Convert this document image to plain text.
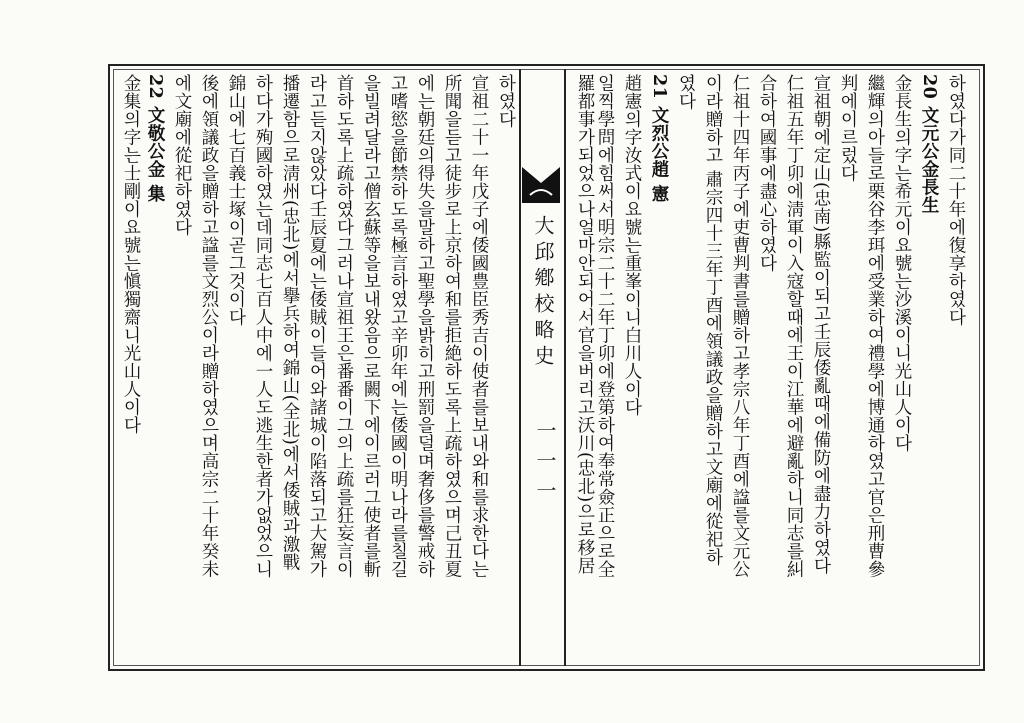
大邱鄕校略史
一一一
하였다가同二十年에復享하였다
20 文元公金長生
金長生의字는希元이요號는沙溪이니光山人이다
繼輝의아들로栗谷李珥에受業하여禮學에博通하였고官은刑曹參
判에이르렀다
宣祖朝에定山(忠南)縣監이되고壬辰倭亂때에備防에盡力하였다
仁祖五年丁卯에淸軍이入寇할때에王이江華에避亂하니同志를糾
合하여國事에盡心하였다
仁祖十四年丙子에吏曹判書를贈하고孝宗八年丁酉에諡를文元公
이라贈하고 肅宗四十三年丁酉에領議政을贈하고文廟에從祀하
였다
21 文烈公趙 憲
趙憲의字汝式이요號는重峯이니白川人이다
일찍學問에힘써서明宗二十二年丁卯에登第하여奉常僉正으로全
羅都事가되었으나얼마안되어서官을버리고沃川(忠北)으로移居
하였다
宣祖二十一年戊子에倭國豊臣秀吉이使者를보내와和를求한다는
所聞을듣고徒步로上京하여和를拒絶하도록上疏하였으며己丑夏
에는朝廷의得失을말하고聖學을밝히고刑罰을덜며奢侈를警戒하
고嗜慾을節禁하도록極言하였고辛卯年에는倭國이明나라를칠길
을빌려달라고僧玄蘇等을보내왔음으로闕下에이르러그使者를斬
首하도록上疏하였다그러나宣祖王은番番이그의上疏를狂妄言이
라고듣지않았다壬辰夏에는倭賊이들어와諸城이陷落되고大駕가
播遷함으로淸州(忠北)에서擧兵하여錦山(全北)에서倭賊과激戰
하다가殉國하였는데同志七百人中에一人도逃生한者가없었으니
錦山에七百義士塚이곧그것이다
後에領議政을贈하고諡를文烈公이라贈하였으며高宗二十年癸未
에文廟에從祀하였다
22 文敬公金 集
金集의字는士剛이요號는愼獨齋니光山人이다
